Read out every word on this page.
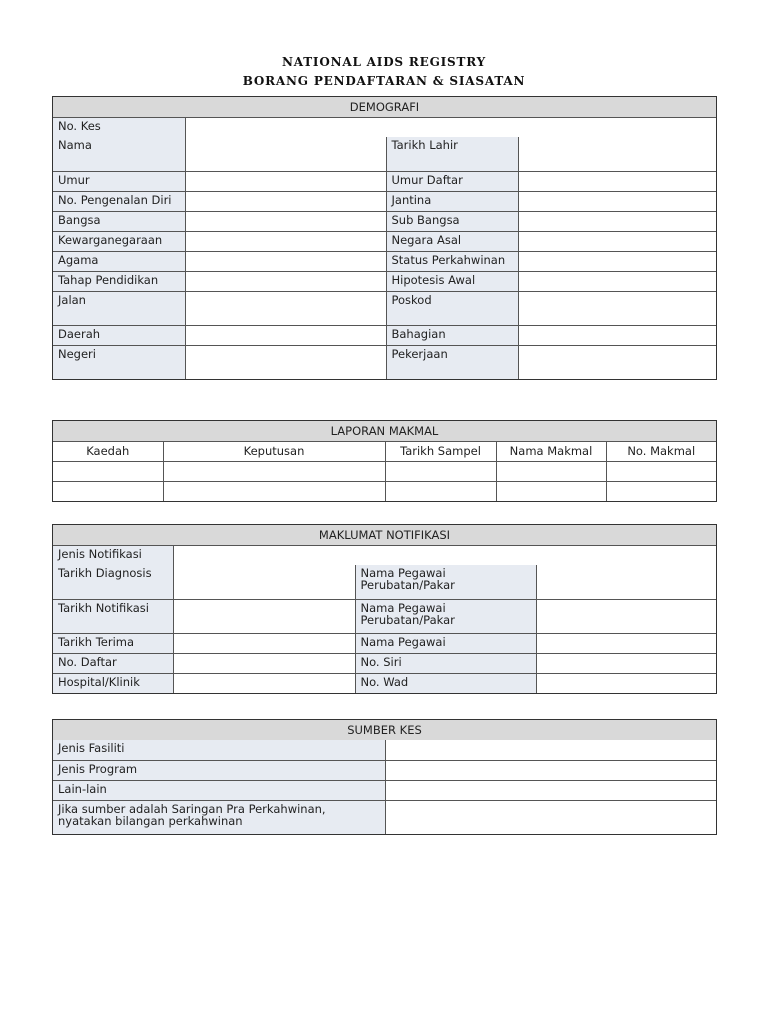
NATIONAL AIDS REGISTRY
BORANG PENDAFTARAN & SIASATAN
DEMOGRAFI			
No. Kes			
Nama		Tarikh Lahir	
Umur		Umur Daftar	
No. Pengenalan Diri		Jantina	
Bangsa		Sub Bangsa	
Kewarganegaraan		Negara Asal	
Agama		Status Perkahwinan	
Tahap Pendidikan		Hipotesis Awal	
Jalan		Poskod	
Daerah		Bahagian	
Negeri		Pekerjaan	
LAPORAN MAKMAL				
Kaedah	Keputusan	Tarikh Sampel	Nama Makmal	No. Makmal

MAKLUMAT NOTIFIKASI			
Jenis Notifikasi			
Tarikh Diagnosis		Nama Pegawai Perubatan/Pakar	
Tarikh Notifikasi		Nama Pegawai Perubatan/Pakar	
Tarikh Terima		Nama Pegawai	
No. Daftar		No. Siri	
Hospital/Klinik		No. Wad	
SUMBER KES	
Jenis Fasiliti	
Jenis Program	
Lain-lain	
Jika sumber adalah Saringan Pra Perkahwinan, nyatakan bilangan perkahwinan	
